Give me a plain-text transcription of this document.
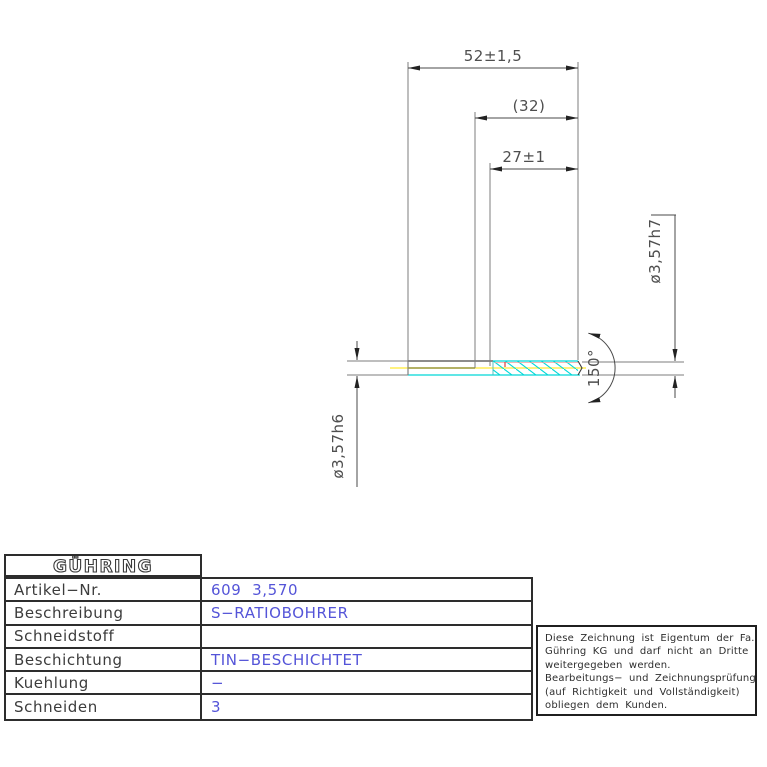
52±1,5
(32)
27±1
ø3,57h7
ø3,57h6
150°
GÜHRING
Artikel−Nr.	609  3,570
Beschreibung	S−RATIOBOHRER
Schneidstoff
Beschichtung	TIN−BESCHICHTET
Kuehlung	−
Schneiden	3
Diese Zeichnung ist Eigentum der Fa.
Gühring KG und darf nicht an Dritte
weitergegeben werden.
Bearbeitungs− und Zeichnungsprüfung
(auf Richtigkeit und Vollständigkeit)
obliegen dem Kunden.
